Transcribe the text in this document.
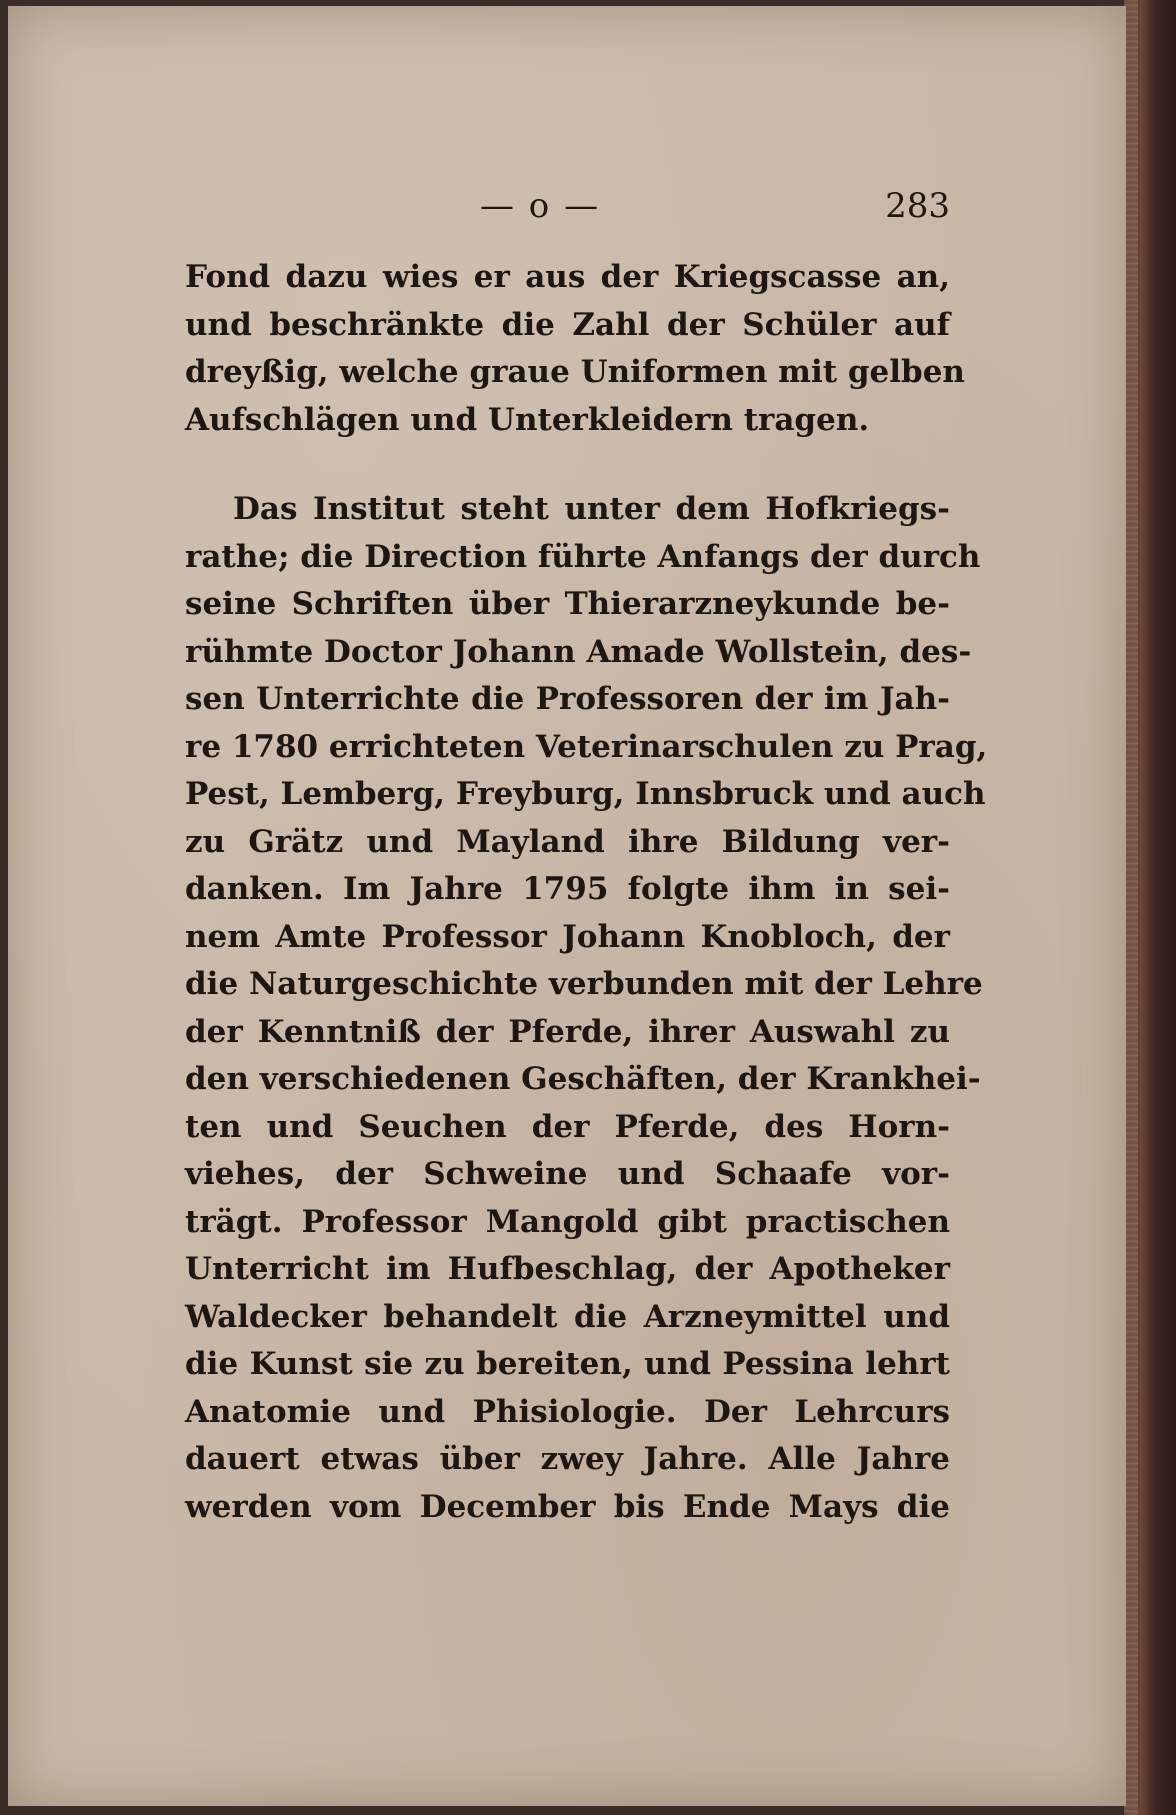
— o —	283
Fond dazu wies er aus der Kriegscasse an,
und beschränkte die Zahl der Schüler auf
dreyßig, welche graue Uniformen mit gelben
Aufschlägen und Unterkleidern tragen.
Das Institut steht unter dem Hofkriegs-
rathe; die Direction führte Anfangs der durch
seine Schriften über Thierarzneykunde be-
rühmte Doctor Johann Amade Wollstein, des-
sen Unterrichte die Professoren der im Jah-
re 1780 errichteten Veterinarschulen zu Prag,
Pest, Lemberg, Freyburg, Innsbruck und auch
zu Grätz und Mayland ihre Bildung ver-
danken. Im Jahre 1795 folgte ihm in sei-
nem Amte Professor Johann Knobloch, der
die Naturgeschichte verbunden mit der Lehre
der Kenntniß der Pferde, ihrer Auswahl zu
den verschiedenen Geschäften, der Krankhei-
ten und Seuchen der Pferde, des Horn-
viehes, der Schweine und Schaafe vor-
trägt. Professor Mangold gibt practischen
Unterricht im Hufbeschlag, der Apotheker
Waldecker behandelt die Arzneymittel und
die Kunst sie zu bereiten, und Pessina lehrt
Anatomie und Phisiologie. Der Lehrcurs
dauert etwas über zwey Jahre. Alle Jahre
werden vom December bis Ende Mays die
